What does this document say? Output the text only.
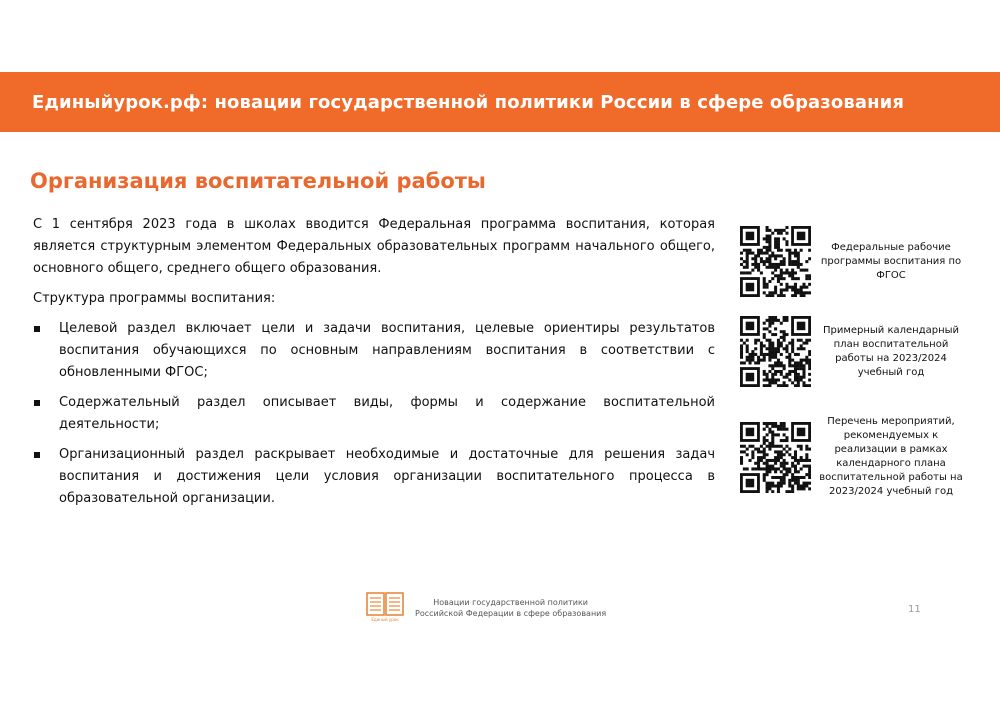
Единыйурок.рф: новации государственной политики России в сфере образования
Организация воспитательной работы

С 1 сентября 2023 года в школах вводится Федеральная программа воспитания, которая является структурным элементом Федеральных образовательных программ начального общего, основного общего, среднего общего образования.

Структура программы воспитания:

Целевой раздел включает цели и задачи воспитания, целевые ориентиры результатов воспитания обучающихся по основным направлениям воспитания в соответствии с обновленными ФГОС;
Содержательный раздел описывает виды, формы и содержание воспитательной деятельности;
Организационный раздел раскрывает необходимые и достаточные для решения задач воспитания и достижения цели условия организации воспитательного процесса в образовательной организации.
Федеральные рабочие программы воспитания по ФГОС
Примерный календарный план воспитательной работы на 2023/2024 учебный год
Перечень мероприятий, рекомендуемых к реализации в рамках календарного плана воспитательной работы на 2023/2024 учебный год
Единый урок
Новации государственной политики
Российской Федерации в сфере образования	11
